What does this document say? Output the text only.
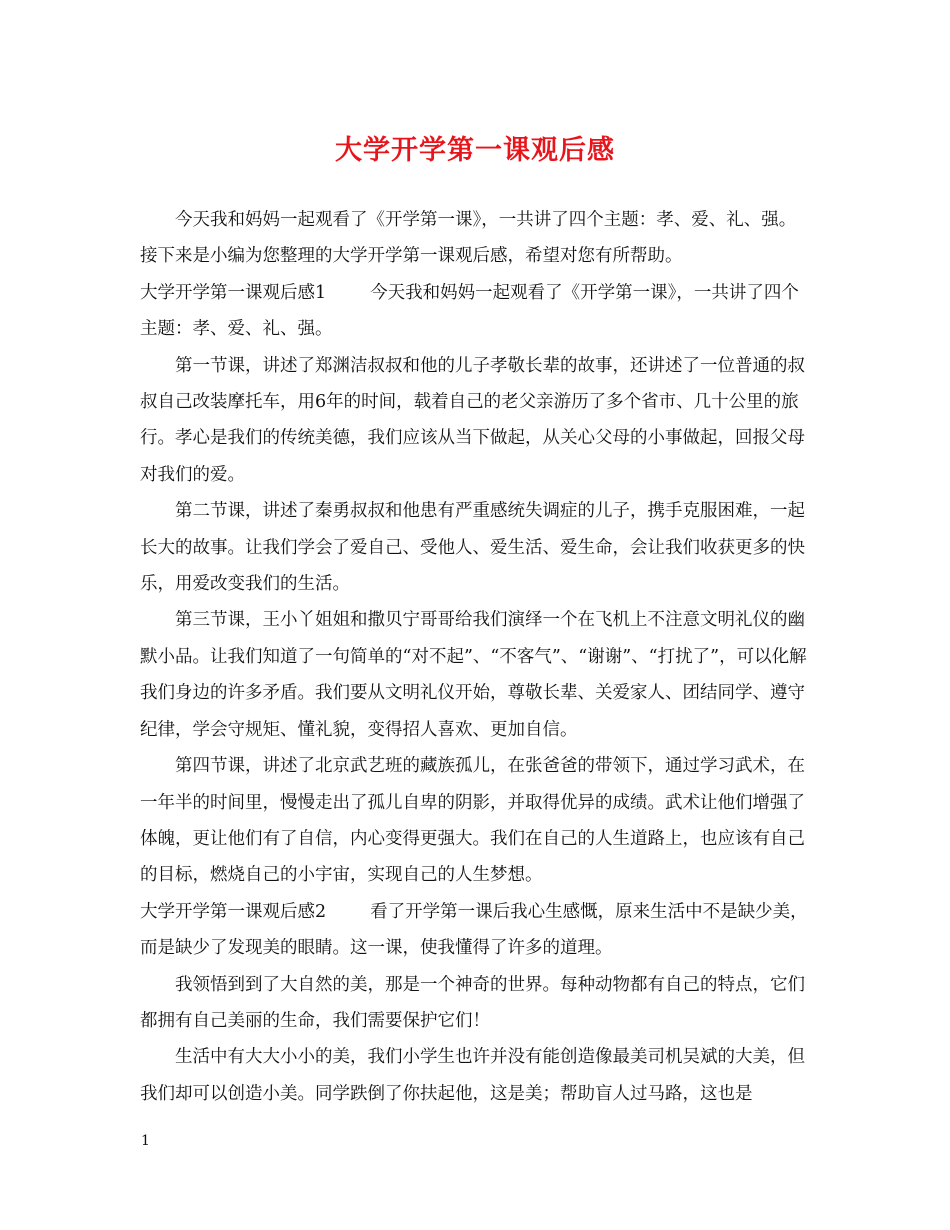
大学开学第一课观后感

今天我和妈妈一起观看了《开学第一课》，一共讲了四个主题：孝、爱、礼、强。接下来是小编为您整理的大学开学第一课观后感，希望对您有所帮助。

大学开学第一课观后感1	今天我和妈妈一起观看了《开学第一课》，一共讲了四个主题：孝、爱、礼、强。

第一节课，讲述了郑渊洁叔叔和他的儿子孝敬长辈的故事，还讲述了一位普通的叔叔自己改装摩托车，用6年的时间，载着自己的老父亲游历了多个省市、几十公里的旅行。孝心是我们的传统美德，我们应该从当下做起，从关心父母的小事做起，回报父母对我们的爱。

第二节课，讲述了秦勇叔叔和他患有严重感统失调症的儿子，携手克服困难，一起长大的故事。让我们学会了爱自己、受他人、爱生活、爱生命，会让我们收获更多的快乐，用爱改变我们的生活。

第三节课，王小丫姐姐和撒贝宁哥哥给我们演绎一个在飞机上不注意文明礼仪的幽默小品。让我们知道了一句简单的“对不起”、“不客气”、“谢谢”、“打扰了”，可以化解我们身边的许多矛盾。我们要从文明礼仪开始，尊敬长辈、关爱家人、团结同学、遵守纪律，学会守规矩、懂礼貌，变得招人喜欢、更加自信。

第四节课，讲述了北京武艺班的藏族孤儿，在张爸爸的带领下，通过学习武术，在一年半的时间里，慢慢走出了孤儿自卑的阴影，并取得优异的成绩。武术让他们增强了体魄，更让他们有了自信，内心变得更强大。我们在自己的人生道路上，也应该有自己的目标，燃烧自己的小宇宙，实现自己的人生梦想。

大学开学第一课观后感2	看了开学第一课后我心生感慨，原来生活中不是缺少美，而是缺少了发现美的眼睛。这一课，使我懂得了许多的道理。

我领悟到到了大自然的美，那是一个神奇的世界。每种动物都有自己的特点，它们都拥有自己美丽的生命，我们需要保护它们！

生活中有大大小小的美，我们小学生也许并没有能创造像最美司机吴斌的大美，但我们却可以创造小美。同学跌倒了你扶起他，这是美；帮助盲人过马路，这也是

1
